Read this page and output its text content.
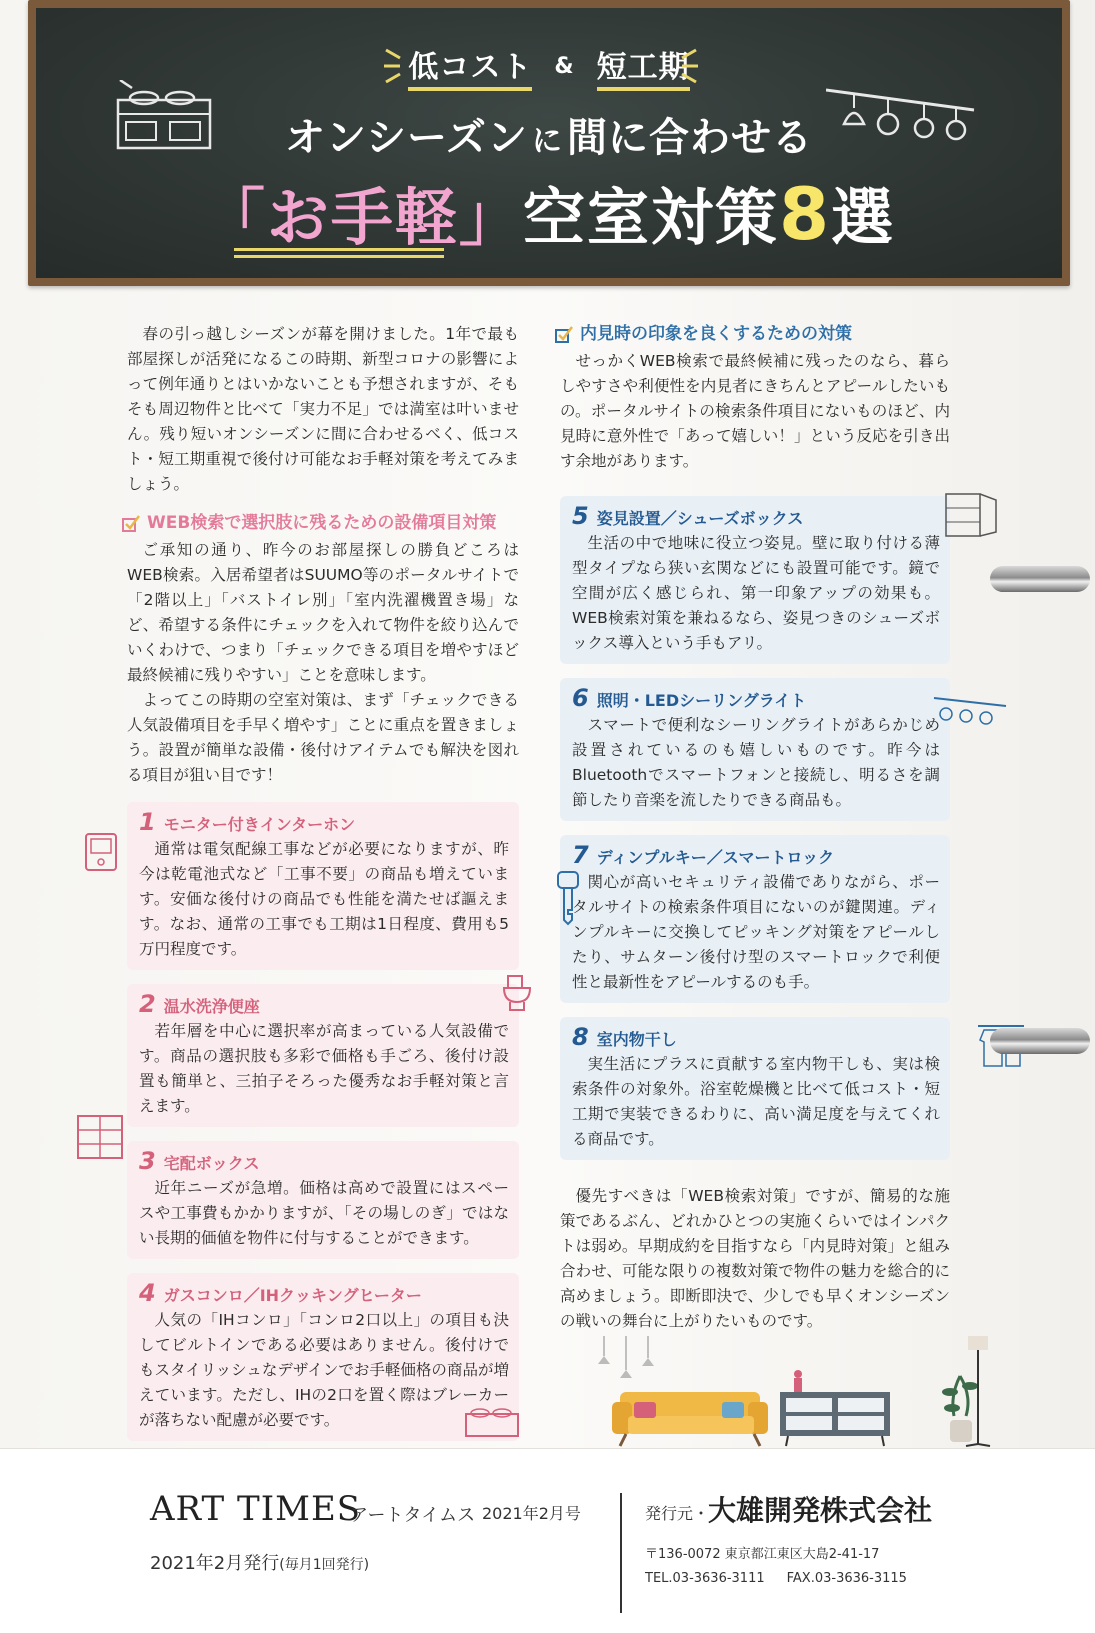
低コスト & 短工期
オンシーズン に 間に合わせる
「お手軽」空室対策8選

春の引っ越しシーズンが幕を開けました。1年で最も部屋探しが活発になるこの時期、新型コロナの影響によって例年通りとはいかないことも予想されますが、そもそも周辺物件と比べて「実力不足」では満室は叶いません。残り短いオンシーズンに間に合わせるべく、低コスト・短工期重視で後付け可能なお手軽対策を考えてみましょう。

WEB検索で選択肢に残るための設備項目対策

ご承知の通り、昨今のお部屋探しの勝負どころはWEB検索。入居希望者はSUUMO等のポータルサイトで「2階以上」「バストイレ別」「室内洗濯機置き場」など、希望する条件にチェックを入れて物件を絞り込んでいくわけで、つまり「チェックできる項目を増やすほど最終候補に残りやすい」ことを意味します。

よってこの時期の空室対策は、まず「チェックできる人気設備項目を手早く増やす」ことに重点を置きましょう。設置が簡単な設備・後付けアイテムでも解決を図れる項目が狙い目です！

1 モニター付きインターホン

通常は電気配線工事などが必要になりますが、昨今は乾電池式など「工事不要」の商品も増えています。安価な後付けの商品でも性能を満たせば謳えます。なお、通常の工事でも工期は1日程度、費用も5万円程度です。

2 温水洗浄便座

若年層を中心に選択率が高まっている人気設備です。商品の選択肢も多彩で価格も手ごろ、後付け設置も簡単と、三拍子そろった優秀なお手軽対策と言えます。

3 宅配ボックス

近年ニーズが急増。価格は高めで設置にはスペースや工事費もかかりますが、「その場しのぎ」ではない長期的価値を物件に付与することができます。

4 ガスコンロ／IHクッキングヒーター

人気の「IHコンロ」「コンロ2口以上」の項目も決してビルトインである必要はありません。後付けでもスタイリッシュなデザインでお手軽価格の商品が増えています。ただし、IHの2口を置く際はブレーカーが落ちない配慮が必要です。

内見時の印象を良くするための対策

せっかくWEB検索で最終候補に残ったのなら、暮らしやすさや利便性を内見者にきちんとアピールしたいもの。ポータルサイトの検索条件項目にないものほど、内見時に意外性で「あって嬉しい！」という反応を引き出す余地があります。

5 姿見設置／シューズボックス

生活の中で地味に役立つ姿見。壁に取り付ける薄型タイプなら狭い玄関などにも設置可能です。鏡で空間が広く感じられ、第一印象アップの効果も。WEB検索対策を兼ねるなら、姿見つきのシューズボックス導入という手もアリ。

6 照明・LEDシーリングライト

スマートで便利なシーリングライトがあらかじめ設置されているのも嬉しいものです。昨今はBluetoothでスマートフォンと接続し、明るさを調節したり音楽を流したりできる商品も。

7 ディンプルキー／スマートロック

関心が高いセキュリティ設備でありながら、ポータルサイトの検索条件項目にないのが鍵関連。ディンプルキーに交換してピッキング対策をアピールしたり、サムターン後付け型のスマートロックで利便性と最新性をアピールするのも手。

8 室内物干し

実生活にプラスに貢献する室内物干しも、実は検索条件の対象外。浴室乾燥機と比べて低コスト・短工期で実装できるわりに、高い満足度を与えてくれる商品です。

優先すべきは「WEB検索対策」ですが、簡易的な施策であるぶん、どれかひとつの実施くらいではインパクトは弱め。早期成約を目指すなら「内見時対策」と組み合わせ、可能な限りの複数対策で物件の魅力を総合的に高めましょう。即断即決で、少しでも早くオンシーズンの戦いの舞台に上がりたいものです。

ART TIMES
アートタイムス 2021年2月号
2021年2月発行(毎月1回発行)
発行元・
大雄開発株式会社
〒136-0072 東京都江東区大島2-41-17
TEL.03-3636-3111 FAX.03-3636-3115
